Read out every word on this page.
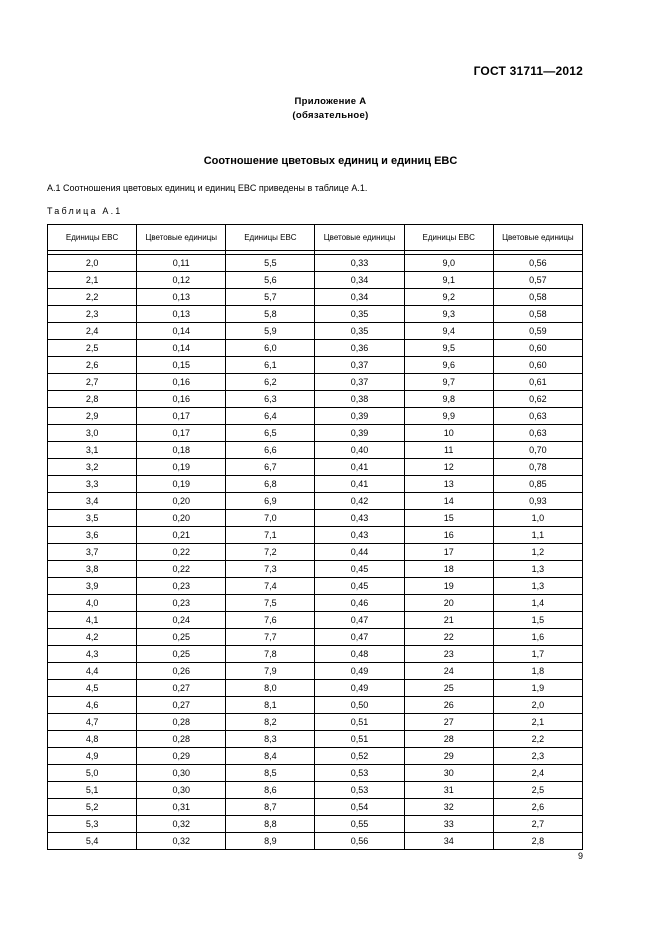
ГОСТ 31711—2012
Приложение А
(обязательное)
Соотношение цветовых единиц и единиц EBC
А.1 Соотношения цветовых единиц и единиц EBC приведены в таблице А.1.
Таблица А.1
Единицы EBC	Цветовые единицы	Единицы EBC	Цветовые единицы	Единицы EBC	Цветовые единицы

2,0	0,11	5,5	0,33	9,0	0,56
2,1	0,12	5,6	0,34	9,1	0,57
2,2	0,13	5,7	0,34	9,2	0,58
2,3	0,13	5,8	0,35	9,3	0,58
2,4	0,14	5,9	0,35	9,4	0,59
2,5	0,14	6,0	0,36	9,5	0,60
2,6	0,15	6,1	0,37	9,6	0,60
2,7	0,16	6,2	0,37	9,7	0,61
2,8	0,16	6,3	0,38	9,8	0,62
2,9	0,17	6,4	0,39	9,9	0,63
3,0	0,17	6,5	0,39	10	0,63
3,1	0,18	6,6	0,40	11	0,70
3,2	0,19	6,7	0,41	12	0,78
3,3	0,19	6,8	0,41	13	0,85
3,4	0,20	6,9	0,42	14	0,93
3,5	0,20	7,0	0,43	15	1,0
3,6	0,21	7,1	0,43	16	1,1
3,7	0,22	7,2	0,44	17	1,2
3,8	0,22	7,3	0,45	18	1,3
3,9	0,23	7,4	0,45	19	1,3
4,0	0,23	7,5	0,46	20	1,4
4,1	0,24	7,6	0,47	21	1,5
4,2	0,25	7,7	0,47	22	1,6
4,3	0,25	7,8	0,48	23	1,7
4,4	0,26	7,9	0,49	24	1,8
4,5	0,27	8,0	0,49	25	1,9
4,6	0,27	8,1	0,50	26	2,0
4,7	0,28	8,2	0,51	27	2,1
4,8	0,28	8,3	0,51	28	2,2
4,9	0,29	8,4	0,52	29	2,3
5,0	0,30	8,5	0,53	30	2,4
5,1	0,30	8,6	0,53	31	2,5
5,2	0,31	8,7	0,54	32	2,6
5,3	0,32	8,8	0,55	33	2,7
5,4	0,32	8,9	0,56	34	2,8
9
